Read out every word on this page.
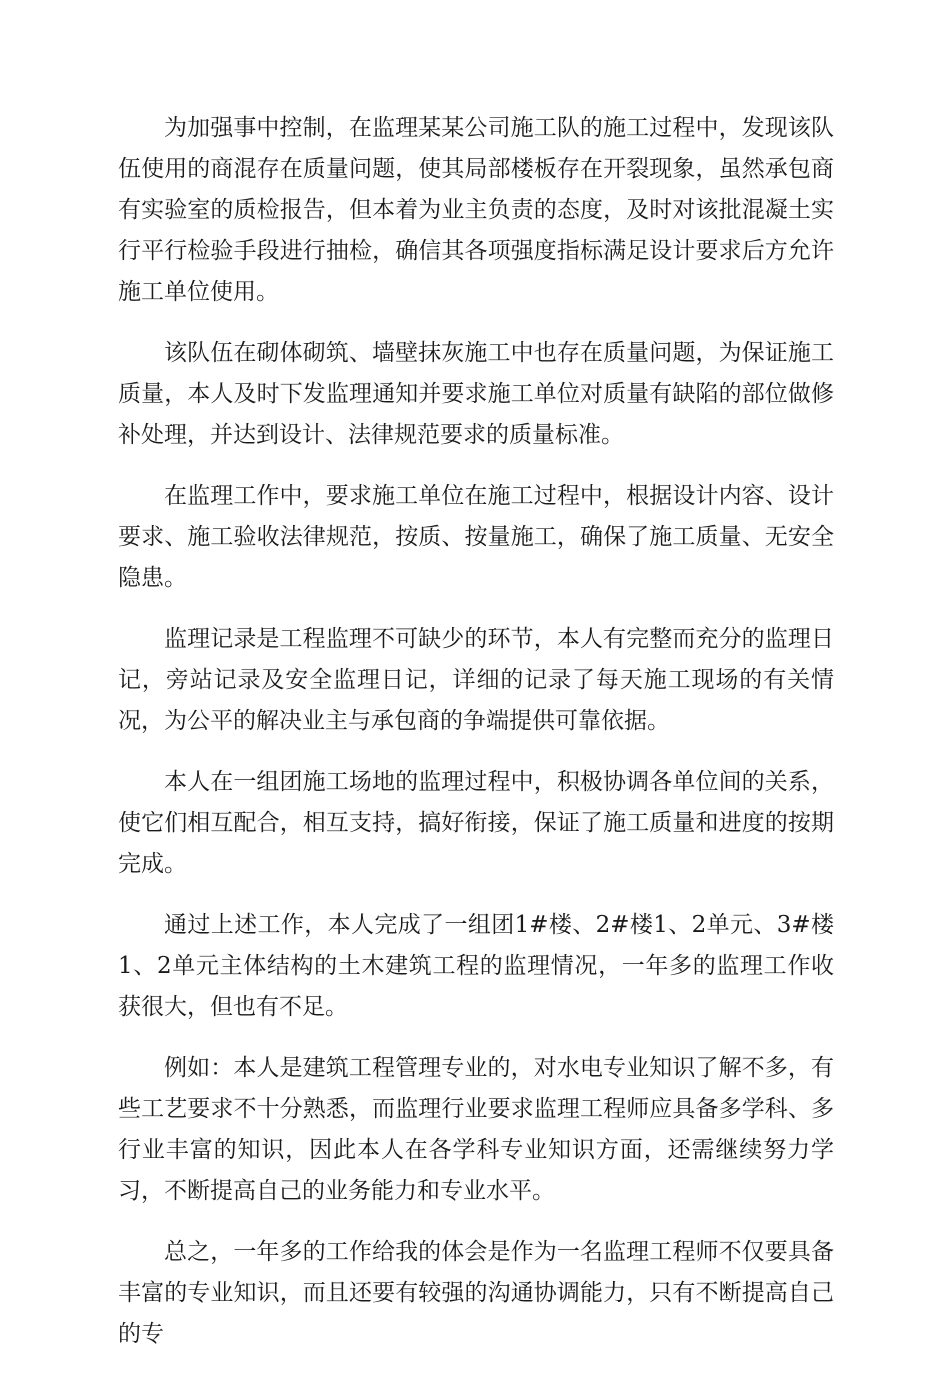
为加强事中控制，在监理某某公司施工队的施工过程中，发现该队伍使用的商混存在质量问题，使其局部楼板存在开裂现象，虽然承包商有实验室的质检报告，但本着为业主负责的态度，及时对该批混凝土实行平行检验手段进行抽检，确信其各项强度指标满足设计要求后方允许施工单位使用。

该队伍在砌体砌筑、墙壁抹灰施工中也存在质量问题，为保证施工质量，本人及时下发监理通知并要求施工单位对质量有缺陷的部位做修补处理，并达到设计、法律规范要求的质量标准。

在监理工作中，要求施工单位在施工过程中，根据设计内容、设计要求、施工验收法律规范，按质、按量施工，确保了施工质量、无安全隐患。

监理记录是工程监理不可缺少的环节，本人有完整而充分的监理日记，旁站记录及安全监理日记，详细的记录了每天施工现场的有关情况，为公平的解决业主与承包商的争端提供可靠依据。

本人在一组团施工场地的监理过程中，积极协调各单位间的关系，使它们相互配合，相互支持，搞好衔接，保证了施工质量和进度的按期完成。

通过上述工作，本人完成了一组团1#楼、2#楼1、2单元、3#楼1、2单元主体结构的土木建筑工程的监理情况，一年多的监理工作收获很大，但也有不足。

例如：本人是建筑工程管理专业的，对水电专业知识了解不多，有些工艺要求不十分熟悉，而监理行业要求监理工程师应具备多学科、多行业丰富的知识，因此本人在各学科专业知识方面，还需继续努力学习，不断提高自己的业务能力和专业水平。

总之，一年多的工作给我的体会是作为一名监理工程师不仅要具备丰富的专业知识，而且还要有较强的沟通协调能力，只有不断提高自己的专
